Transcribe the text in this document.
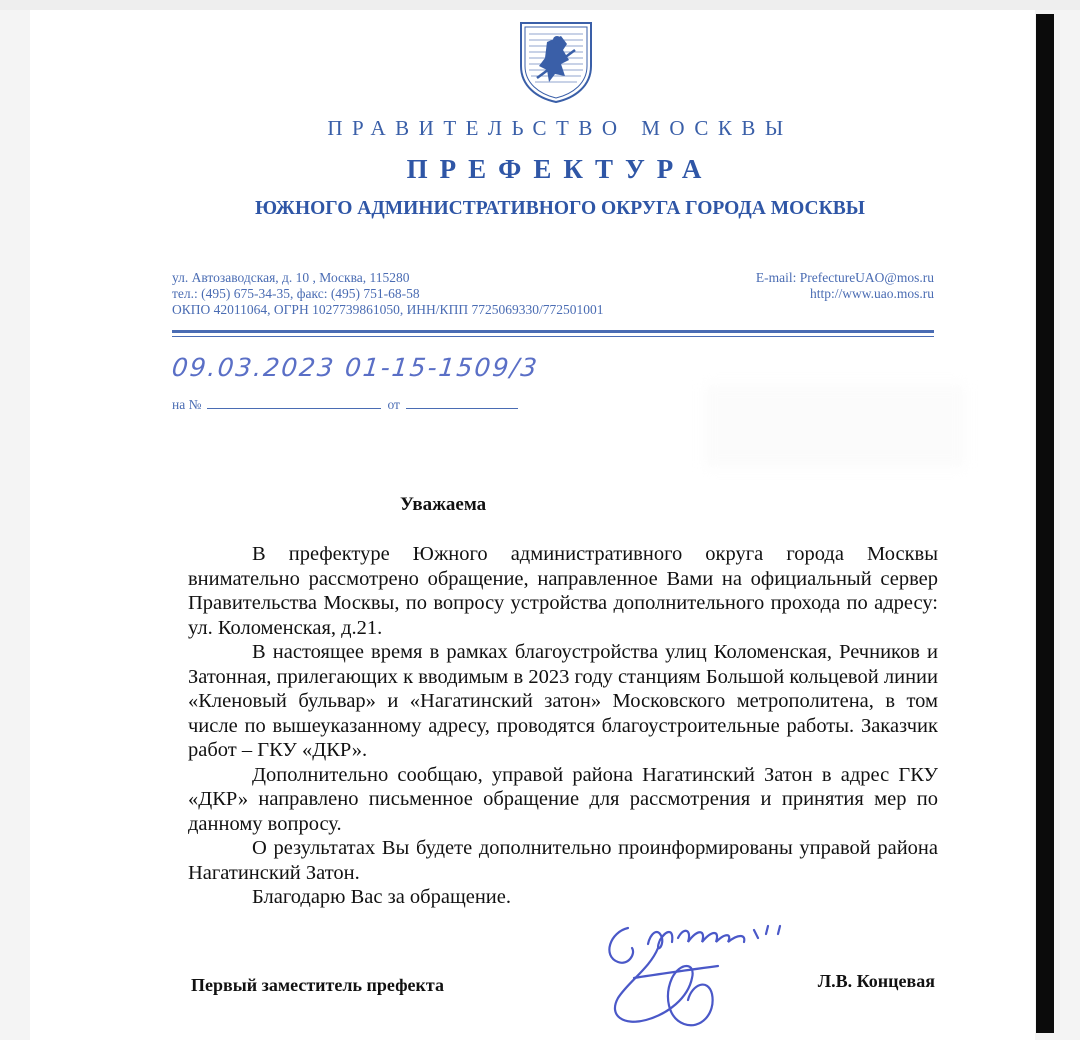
ПРАВИТЕЛЬСТВО МОСКВЫ
ПРЕФЕКТУРА
ЮЖНОГО АДМИНИСТРАТИВНОГО ОКРУГА ГОРОДА МОСКВЫ
ул. Автозаводская, д. 10 , Москва, 115280
тел.: (495) 675-34-35, факс: (495) 751-68-58
ОКПО 42011064, ОГРН 1027739861050, ИНН/КПП 7725069330/772501001
E-mail: PrefectureUAO@mos.ru
http://www.uao.mos.ru
09.03.2023 01-15-1509/3
на №	от
Уважаема

В префектуре Южного административного округа города Москвы внимательно рассмотрено обращение, направленное Вами на официальный сервер Правительства Москвы, по вопросу устройства дополнительного прохода по адресу: ул. Коломенская, д.21.

В настоящее время в рамках благоустройства улиц Коломенская, Речников и Затонная, прилегающих к вводимым в 2023 году станциям Большой кольцевой линии «Кленовый бульвар» и «Нагатинский затон» Московского метрополитена, в том числе по вышеуказанному адресу, проводятся благоустроительные работы. Заказчик работ – ГКУ «ДКР».

Дополнительно сообщаю, управой района Нагатинский Затон в адрес ГКУ «ДКР» направлено письменное обращение для рассмотрения и принятия мер по данному вопросу.

О результатах Вы будете дополнительно проинформированы управой района Нагатинский Затон.

Благодарю Вас за обращение.

Первый заместитель префекта	Л.В. Концевая
